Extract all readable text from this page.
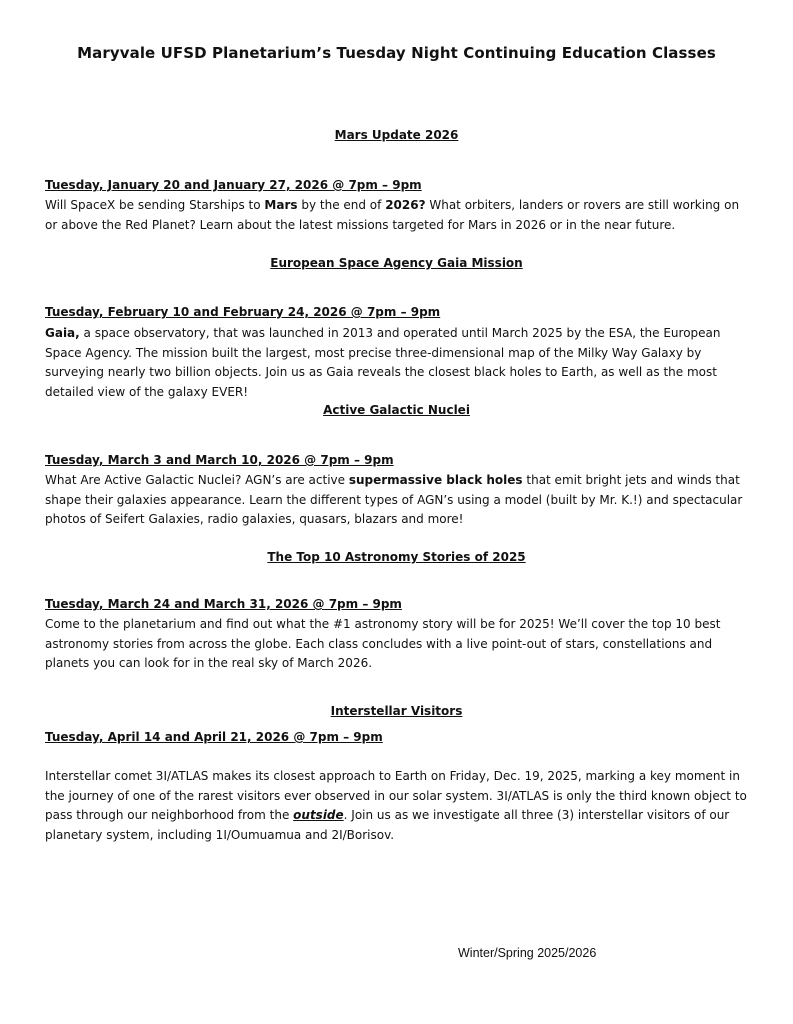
Maryvale UFSD Planetarium’s Tuesday Night Continuing Education Classes
Mars Update 2026
Tuesday, January 20 and January 27, 2026 @ 7pm – 9pm
Will SpaceX be sending Starships to Mars by the end of 2026? What orbiters, landers or rovers are still working on or above the Red Planet? Learn about the latest missions targeted for Mars in 2026 or in the near future.
European Space Agency Gaia Mission
Tuesday, February 10 and February 24, 2026 @ 7pm – 9pm
Gaia, a space observatory, that was launched in 2013 and operated until March 2025 by the ESA, the European Space Agency. The mission built the largest, most precise three-dimensional map of the Milky Way Galaxy by surveying nearly two billion objects. Join us as Gaia reveals the closest black holes to Earth, as well as the most detailed view of the galaxy EVER!
Active Galactic Nuclei
Tuesday, March 3 and March 10, 2026 @ 7pm – 9pm
What Are Active Galactic Nuclei? AGN’s are active supermassive black holes that emit bright jets and winds that shape their galaxies appearance. Learn the different types of AGN’s using a model (built by Mr. K.!) and spectacular photos of Seifert Galaxies, radio galaxies, quasars, blazars and more!
The Top 10 Astronomy Stories of 2025
Tuesday, March 24 and March 31, 2026 @ 7pm – 9pm
Come to the planetarium and find out what the #1 astronomy story will be for 2025! We’ll cover the top 10 best astronomy stories from across the globe. Each class concludes with a live point-out of stars, constellations and planets you can look for in the real sky of March 2026.
Interstellar Visitors
Tuesday, April 14 and April 21, 2026 @ 7pm – 9pm
Interstellar comet 3I/ATLAS makes its closest approach to Earth on Friday, Dec. 19, 2025, marking a key moment in the journey of one of the rarest visitors ever observed in our solar system. 3I/ATLAS is only the third known object to pass through our neighborhood from the outside. Join us as we investigate all three (3) interstellar visitors of our planetary system, including 1I/Oumuamua and 2I/Borisov.
Winter/Spring 2025/2026
